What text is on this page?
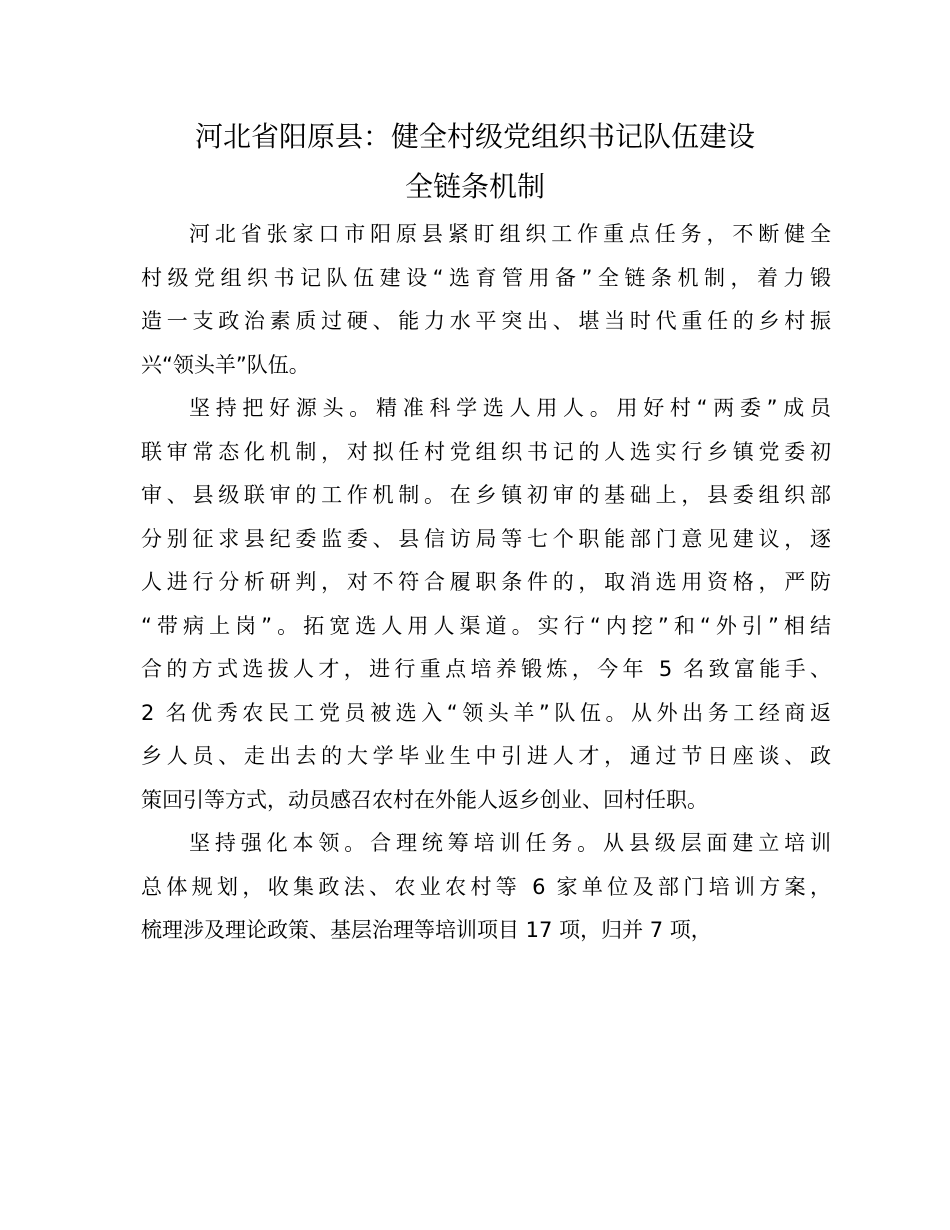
河北省阳原县：健全村级党组织书记队伍建设
全链条机制
河北省张家口市阳原县紧盯组织工作重点任务，不断健全
村级党组织书记队伍建设“选育管用备”全链条机制，着力锻
造一支政治素质过硬、能力水平突出、堪当时代重任的乡村振
兴“领头羊”队伍。
坚持把好源头。精准科学选人用人。用好村“两委”成员
联审常态化机制，对拟任村党组织书记的人选实行乡镇党委初
审、县级联审的工作机制。在乡镇初审的基础上，县委组织部
分别征求县纪委监委、县信访局等七个职能部门意见建议，逐
人进行分析研判，对不符合履职条件的，取消选用资格，严防
“带病上岗”。拓宽选人用人渠道。实行“内挖”和“外引”相结
合的方式选拔人才，进行重点培养锻炼，今年 5 名致富能手、
2 名优秀农民工党员被选入“领头羊”队伍。从外出务工经商返
乡人员、走出去的大学毕业生中引进人才，通过节日座谈、政
策回引等方式，动员感召农村在外能人返乡创业、回村任职。
坚持强化本领。合理统筹培训任务。从县级层面建立培训
总体规划，收集政法、农业农村等 6 家单位及部门培训方案，
梳理涉及理论政策、基层治理等培训项目 17 项，归并 7 项，
